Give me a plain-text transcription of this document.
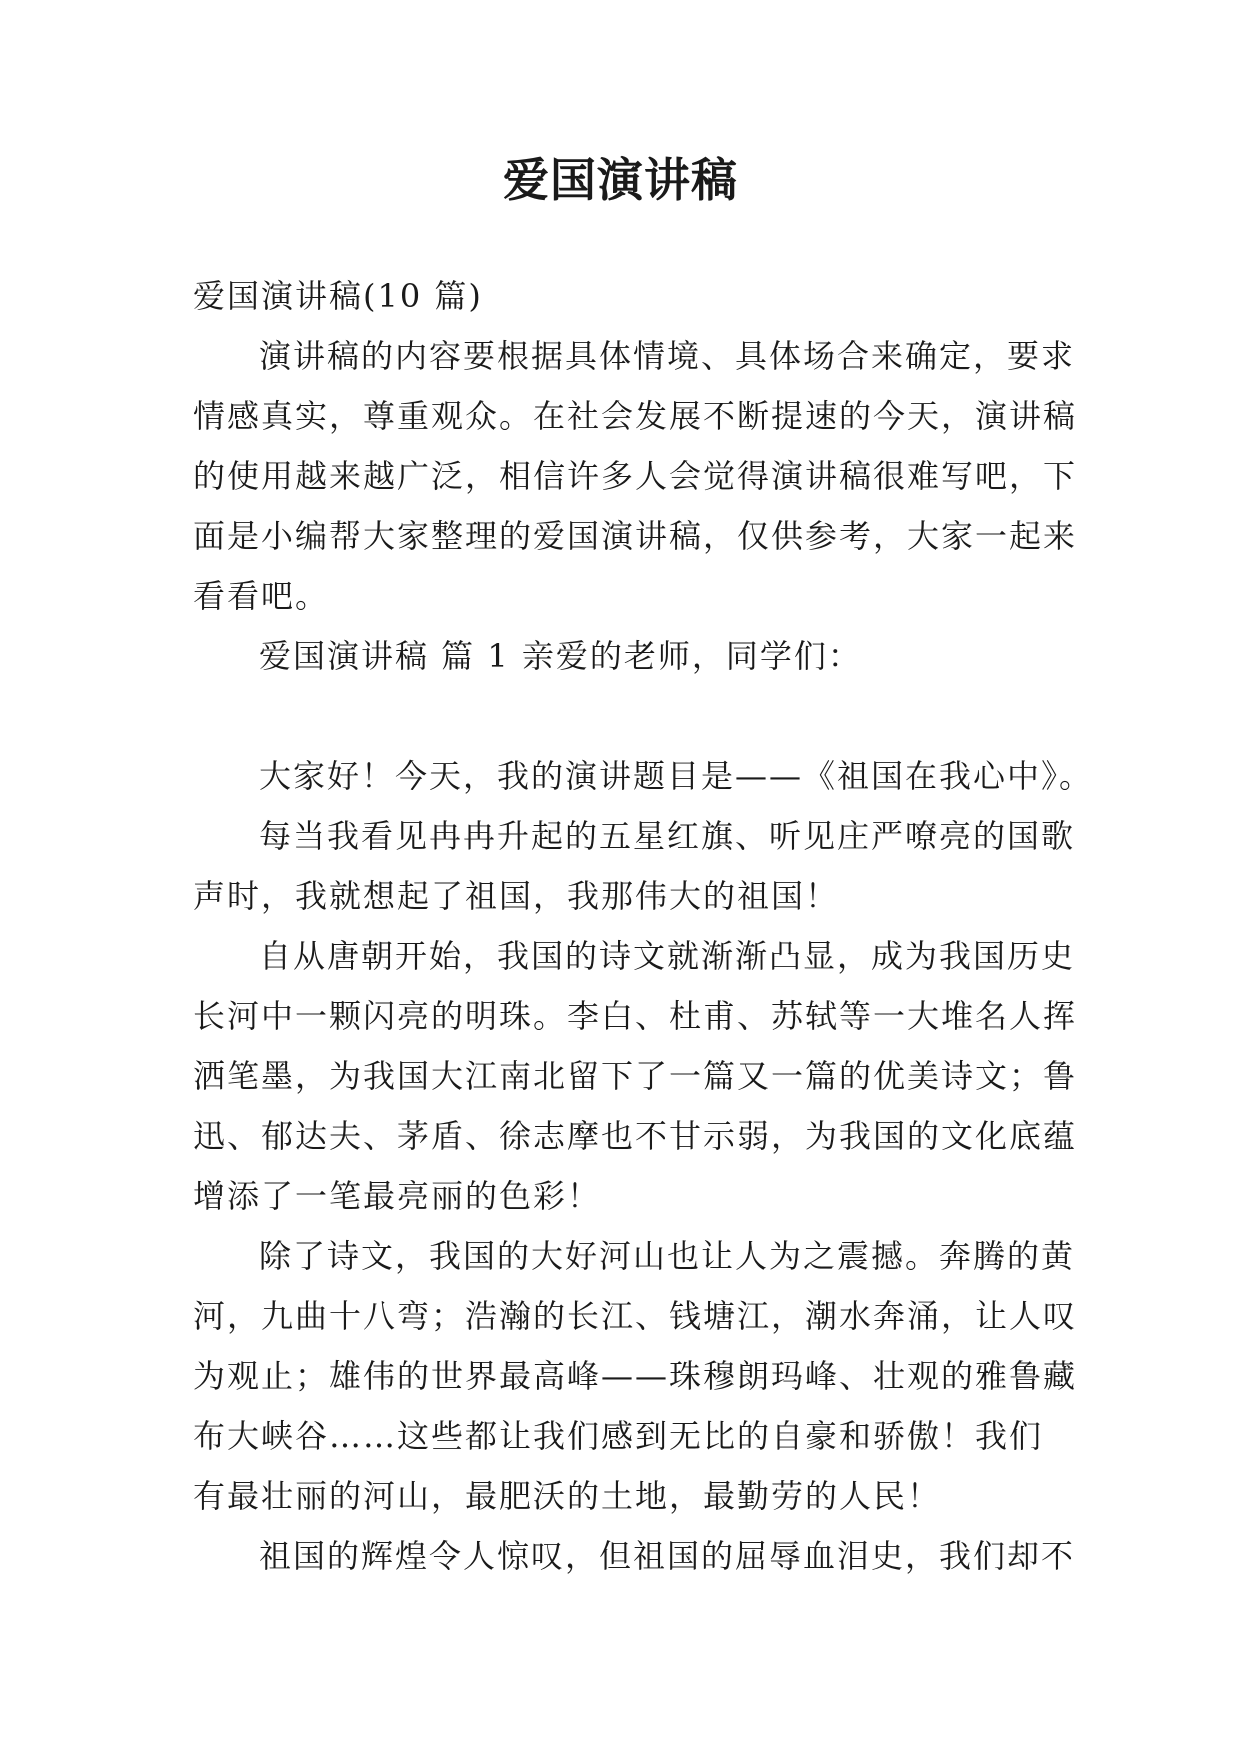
爱国演讲稿
爱国演讲稿(10 篇)
演讲稿的内容要根据具体情境、具体场合来确定，要求
情感真实，尊重观众。在社会发展不断提速的今天，演讲稿
的使用越来越广泛，相信许多人会觉得演讲稿很难写吧，下
面是小编帮大家整理的爱国演讲稿，仅供参考，大家一起来
看看吧。
爱国演讲稿 篇 1 亲爱的老师，同学们：
大家好！今天，我的演讲题目是——《祖国在我心中》。
每当我看见冉冉升起的五星红旗、听见庄严嘹亮的国歌
声时，我就想起了祖国，我那伟大的祖国！
自从唐朝开始，我国的诗文就渐渐凸显，成为我国历史
长河中一颗闪亮的明珠。李白、杜甫、苏轼等一大堆名人挥
洒笔墨，为我国大江南北留下了一篇又一篇的优美诗文；鲁
迅、郁达夫、茅盾、徐志摩也不甘示弱，为我国的文化底蕴
增添了一笔最亮丽的色彩！
除了诗文，我国的大好河山也让人为之震撼。奔腾的黄
河，九曲十八弯；浩瀚的长江、钱塘江，潮水奔涌，让人叹
为观止；雄伟的世界最高峰——珠穆朗玛峰、壮观的雅鲁藏
布大峡谷……这些都让我们感到无比的自豪和骄傲！我们
有最壮丽的河山，最肥沃的土地，最勤劳的人民！
祖国的辉煌令人惊叹，但祖国的屈辱血泪史，我们却不
